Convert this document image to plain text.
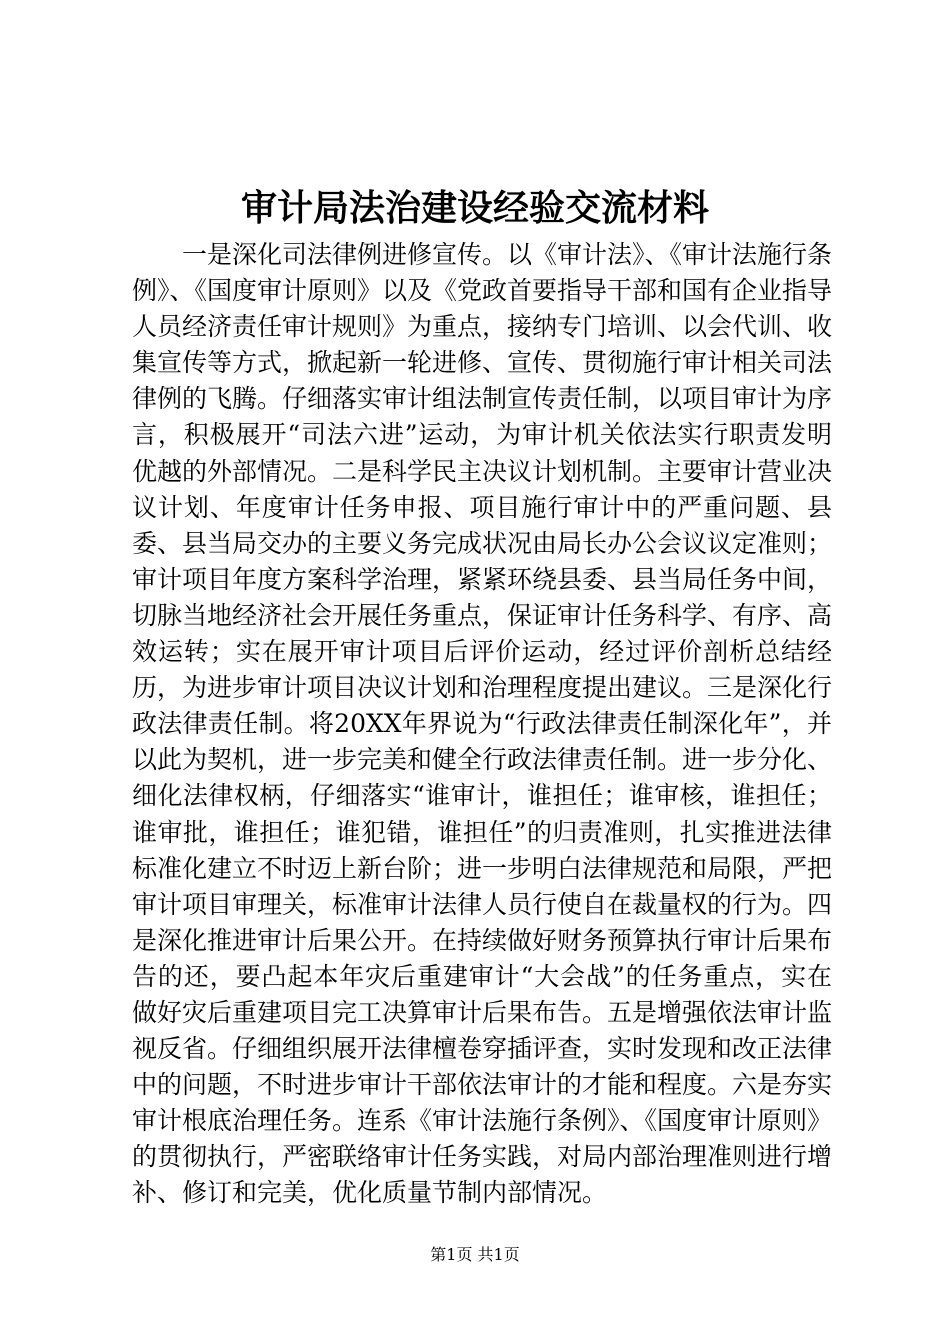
审计局法治建设经验交流材料

一是深化司法律例进修宣传。以《审计法》、《审计法施行条例》、《国度审计原则》以及《党政首要指导干部和国有企业指导人员经济责任审计规则》为重点，接纳专门培训、以会代训、收集宣传等方式，掀起新一轮进修、宣传、贯彻施行审计相关司法律例的飞腾。仔细落实审计组法制宣传责任制，以项目审计为序言，积极展开“司法六进”运动，为审计机关依法实行职责发明优越的外部情况。二是科学民主决议计划机制。主要审计营业决议计划、年度审计任务申报、项目施行审计中的严重问题、县委、县当局交办的主要义务完成状况由局长办公会议议定准则；审计项目年度方案科学治理，紧紧环绕县委、县当局任务中间，切脉当地经济社会开展任务重点，保证审计任务科学、有序、高效运转；实在展开审计项目后评价运动，经过评价剖析总结经历，为进步审计项目决议计划和治理程度提出建议。三是深化行政法律责任制。将20XX年界说为“行政法律责任制深化年”，并以此为契机，进一步完美和健全行政法律责任制。进一步分化、细化法律权柄，仔细落实“谁审计，谁担任；谁审核，谁担任；谁审批，谁担任；谁犯错，谁担任”的归责准则，扎实推进法律标准化建立不时迈上新台阶；进一步明白法律规范和局限，严把审计项目审理关，标准审计法律人员行使自在裁量权的行为。四是深化推进审计后果公开。在持续做好财务预算执行审计后果布告的还，要凸起本年灾后重建审计“大会战”的任务重点，实在做好灾后重建项目完工决算审计后果布告。五是增强依法审计监视反省。仔细组织展开法律檀卷穿插评查，实时发现和改正法律中的问题，不时进步审计干部依法审计的才能和程度。六是夯实审计根底治理任务。连系《审计法施行条例》、《国度审计原则》的贯彻执行，严密联络审计任务实践，对局内部治理准则进行增补、修订和完美，优化质量节制内部情况。

第1页 共1页
